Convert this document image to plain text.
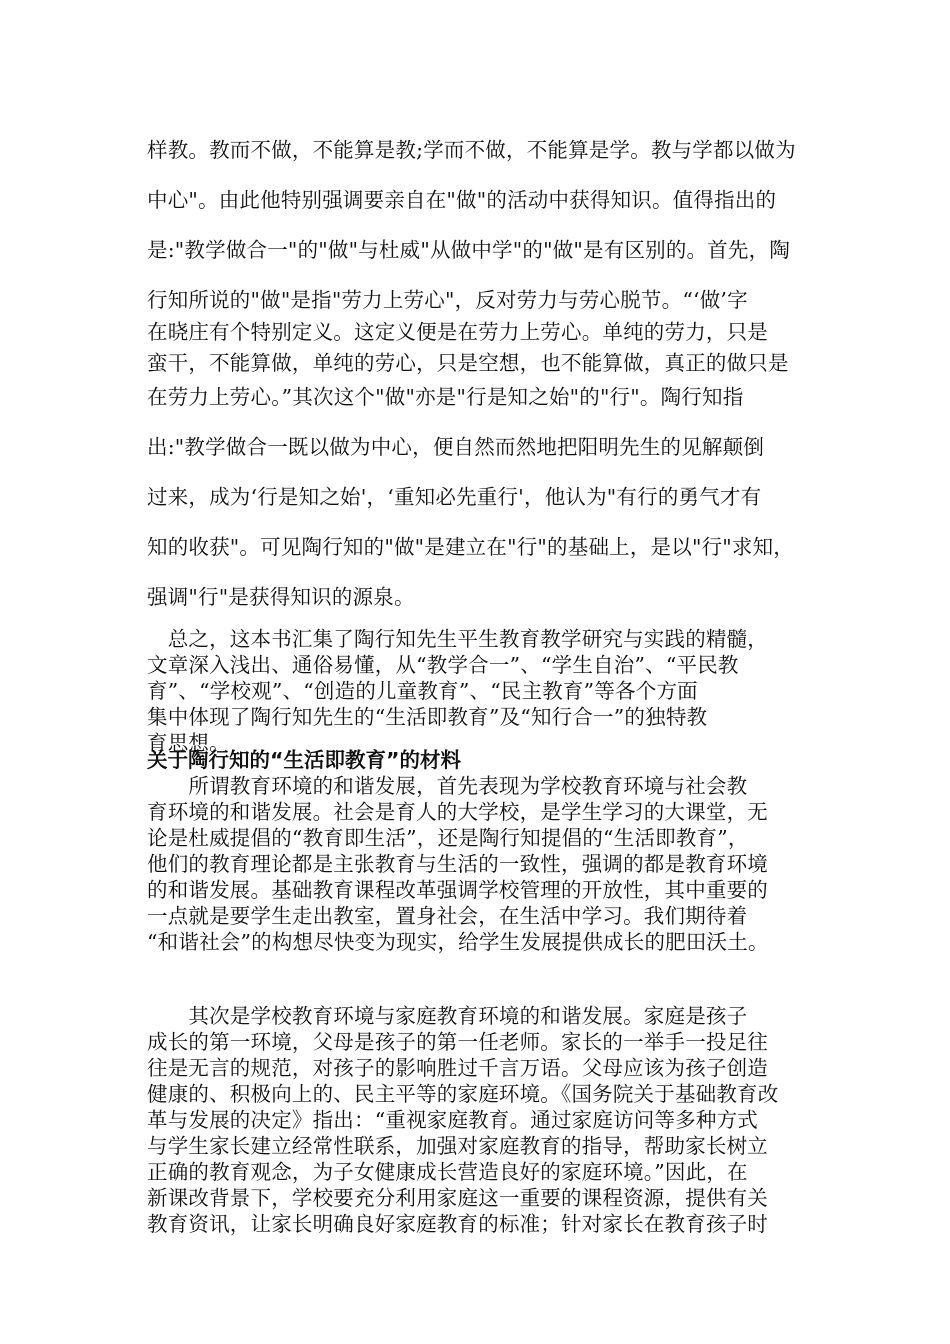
样教。教而不做，不能算是教;学而不做，不能算是学。教与学都以做为
中心"。由此他特别强调要亲自在"做"的活动中获得知识。值得指出的
是:"教学做合一"的"做"与杜威"从做中学"的"做"是有区别的。首先，陶
行知所说的"做"是指"劳力上劳心"，反对劳力与劳心脱节。“‘做’字
在晓庄有个特别定义。这定义便是在劳力上劳心。单纯的劳力，只是
蛮干，不能算做，单纯的劳心，只是空想，也不能算做，真正的做只是
在劳力上劳心。”其次这个"做"亦是"行是知之始"的"行"。陶行知指
出:"教学做合一既以做为中心，便自然而然地把阳明先生的见解颠倒
过来，成为‘行是知之始'，‘重知必先重行'，他认为"有行的勇气才有
知的收获"。可见陶行知的"做"是建立在"行"的基础上，是以"行"求知，
强调"行"是获得知识的源泉。
　总之，这本书汇集了陶行知先生平生教育教学研究与实践的精髓，
文章深入浅出、通俗易懂，从“教学合一”、“学生自治”、“平民教
育”、“学校观”、“创造的儿童教育”、“民主教育”等各个方面
集中体现了陶行知先生的“生活即教育”及“知行合一”的独特教
育思想。
关于陶行知的“生活即教育”的材料
　　所谓教育环境的和谐发展，首先表现为学校教育环境与社会教
育环境的和谐发展。社会是育人的大学校，是学生学习的大课堂，无
论是杜威提倡的“教育即生活”，还是陶行知提倡的“生活即教育”，
他们的教育理论都是主张教育与生活的一致性，强调的都是教育环境
的和谐发展。基础教育课程改革强调学校管理的开放性，其中重要的
一点就是要学生走出教室，置身社会，在生活中学习。我们期待着
“和谐社会”的构想尽快变为现实，给学生发展提供成长的肥田沃土。
　　其次是学校教育环境与家庭教育环境的和谐发展。家庭是孩子
成长的第一环境，父母是孩子的第一任老师。家长的一举手一投足往
往是无言的规范，对孩子的影响胜过千言万语。父母应该为孩子创造
健康的、积极向上的、民主平等的家庭环境。《国务院关于基础教育改
革与发展的决定》指出：“重视家庭教育。通过家庭访问等多种方式
与学生家长建立经常性联系，加强对家庭教育的指导，帮助家长树立
正确的教育观念，为子女健康成长营造良好的家庭环境。”因此，在
新课改背景下，学校要充分利用家庭这一重要的课程资源，提供有关
教育资讯，让家长明确良好家庭教育的标准；针对家长在教育孩子时
